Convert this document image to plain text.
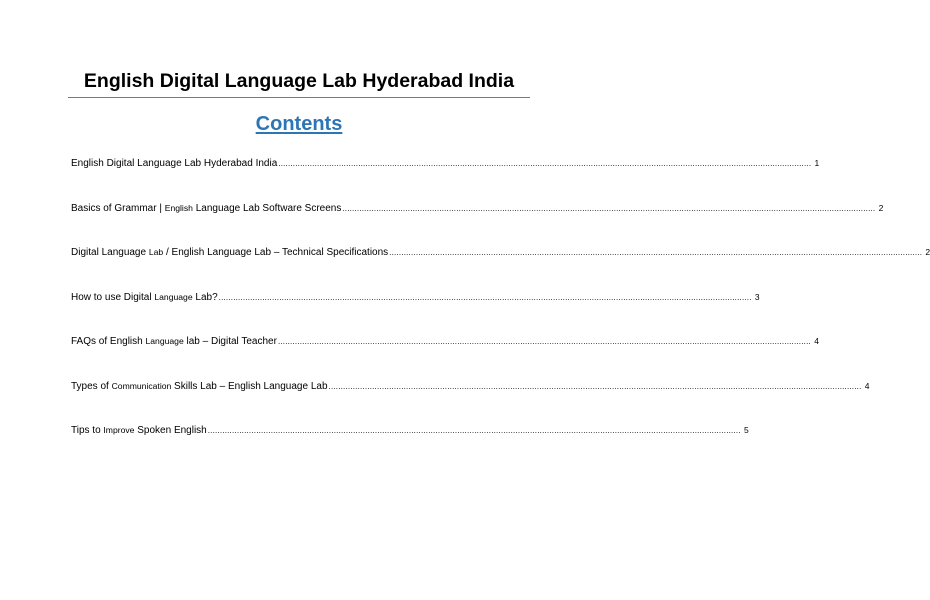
English Digital Language Lab Hyderabad India
Contents
English Digital Language Lab Hyderabad India ............................................................................................................................................................................................................................ 1
Basics of Grammar | English Language Lab Software Screens ............................................................................................................................................................................................................................ 2
Digital Language Lab / English Language Lab – Technical Specifications ............................................................................................................................................................................................................................ 2
How to use Digital Language Lab? ............................................................................................................................................................................................................................ 3
FAQs of English Language lab – Digital Teacher ............................................................................................................................................................................................................................ 4
Types of Communication Skills Lab – English Language Lab ............................................................................................................................................................................................................................ 4
Tips to Improve Spoken English ............................................................................................................................................................................................................................ 5
